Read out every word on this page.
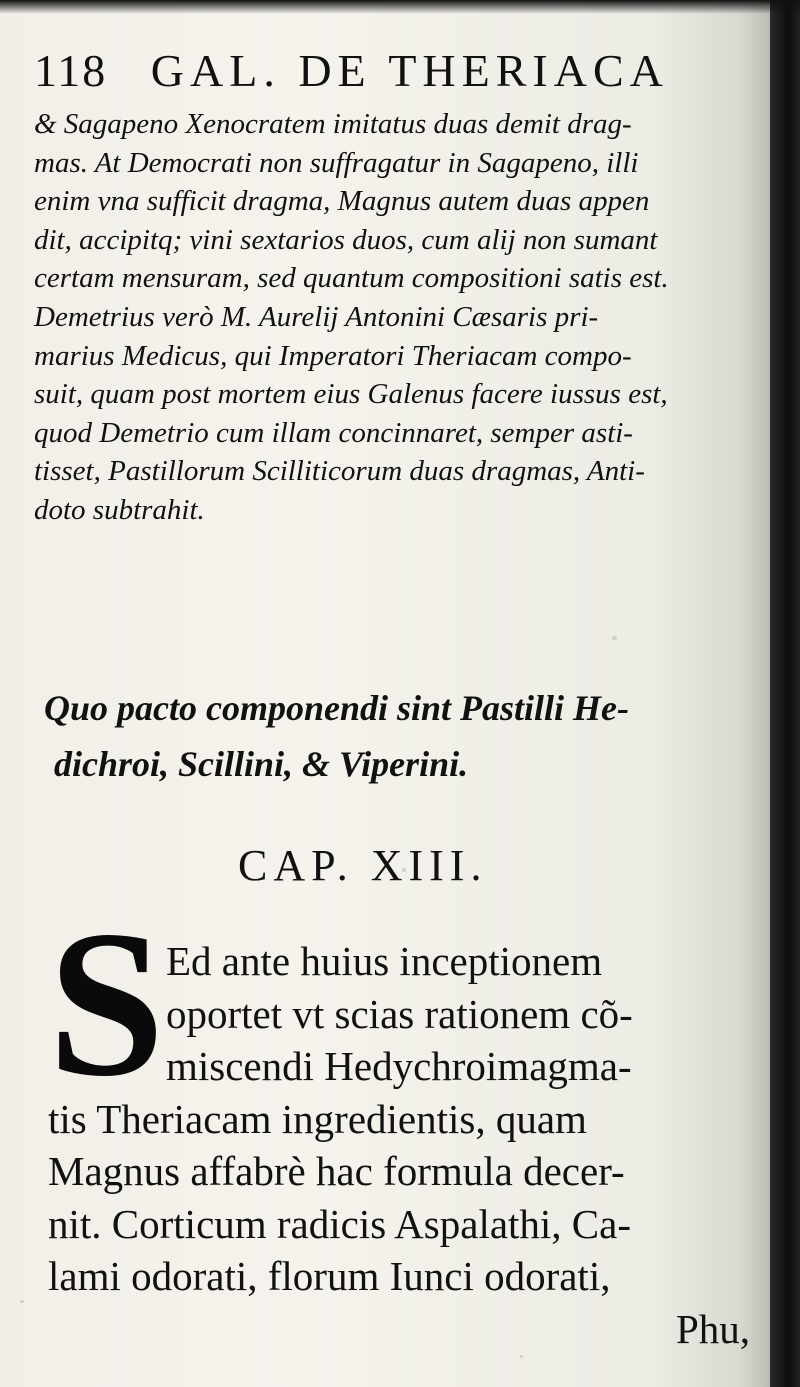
118 GAL. DE THERIACA
& Sagapeno Xenocratem imitatus duas demit drag-
mas. At Democrati non suffragatur in Sagapeno, illi
enim vna sufficit dragma, Magnus autem duas appen
dit, accipitq; vini sextarios duos, cum alij non sumant
certam mensuram, sed quantum compositioni satis est.
Demetrius verò M. Aurelij Antonini Cæsaris pri-
marius Medicus, qui Imperatori Theriacam compo-
suit, quam post mortem eius Galenus facere iussus est,
quod Demetrio cum illam concinnaret, semper asti-
tisset, Pastillorum Scilliticorum duas dragmas, Anti-
doto subtrahit.
Quo pacto componendi sint Pastilli He-
dichroi, Scillini, & Viperini.
CAP. XIII.
S Ed ante huius inceptionem
oportet vt scias rationem cõ-
miscendi Hedychroimagma-
tis Theriacam ingredientis, quam
Magnus affabrè hac formula decer-
nit. Corticum radicis Aspalathi, Ca-
lami odorati, florum Iunci odorati,
Phu,
